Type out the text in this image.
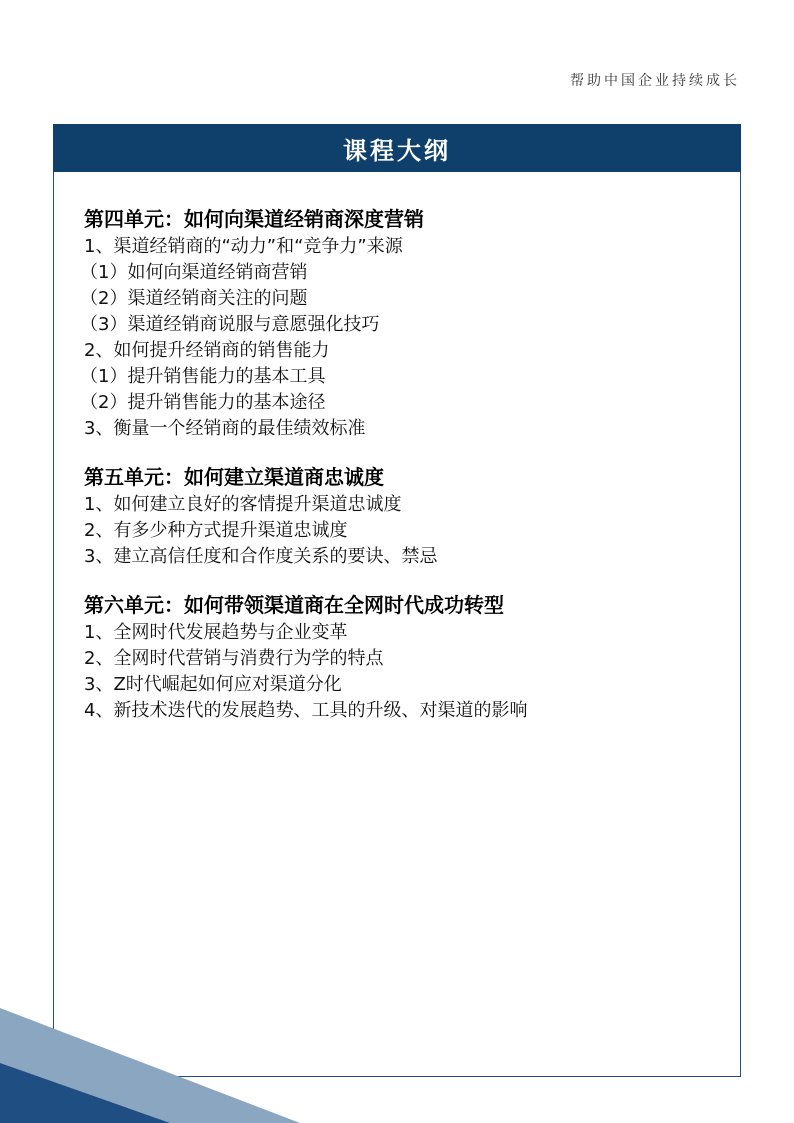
帮助中国企业持续成长
课程大纲
第四单元：如何向渠道经销商深度营销
1、渠道经销商的“动力”和“竞争力”来源
（1）如何向渠道经销商营销
（2）渠道经销商关注的问题
（3）渠道经销商说服与意愿强化技巧
2、如何提升经销商的销售能力
（1）提升销售能力的基本工具
（2）提升销售能力的基本途径
3、衡量一个经销商的最佳绩效标准
第五单元：如何建立渠道商忠诚度
1、如何建立良好的客情提升渠道忠诚度
2、有多少种方式提升渠道忠诚度
3、建立高信任度和合作度关系的要诀、禁忌
第六单元：如何带领渠道商在全网时代成功转型
1、全网时代发展趋势与企业变革
2、全网时代营销与消费行为学的特点
3、Z时代崛起如何应对渠道分化
4、新技术迭代的发展趋势、工具的升级、对渠道的影响
